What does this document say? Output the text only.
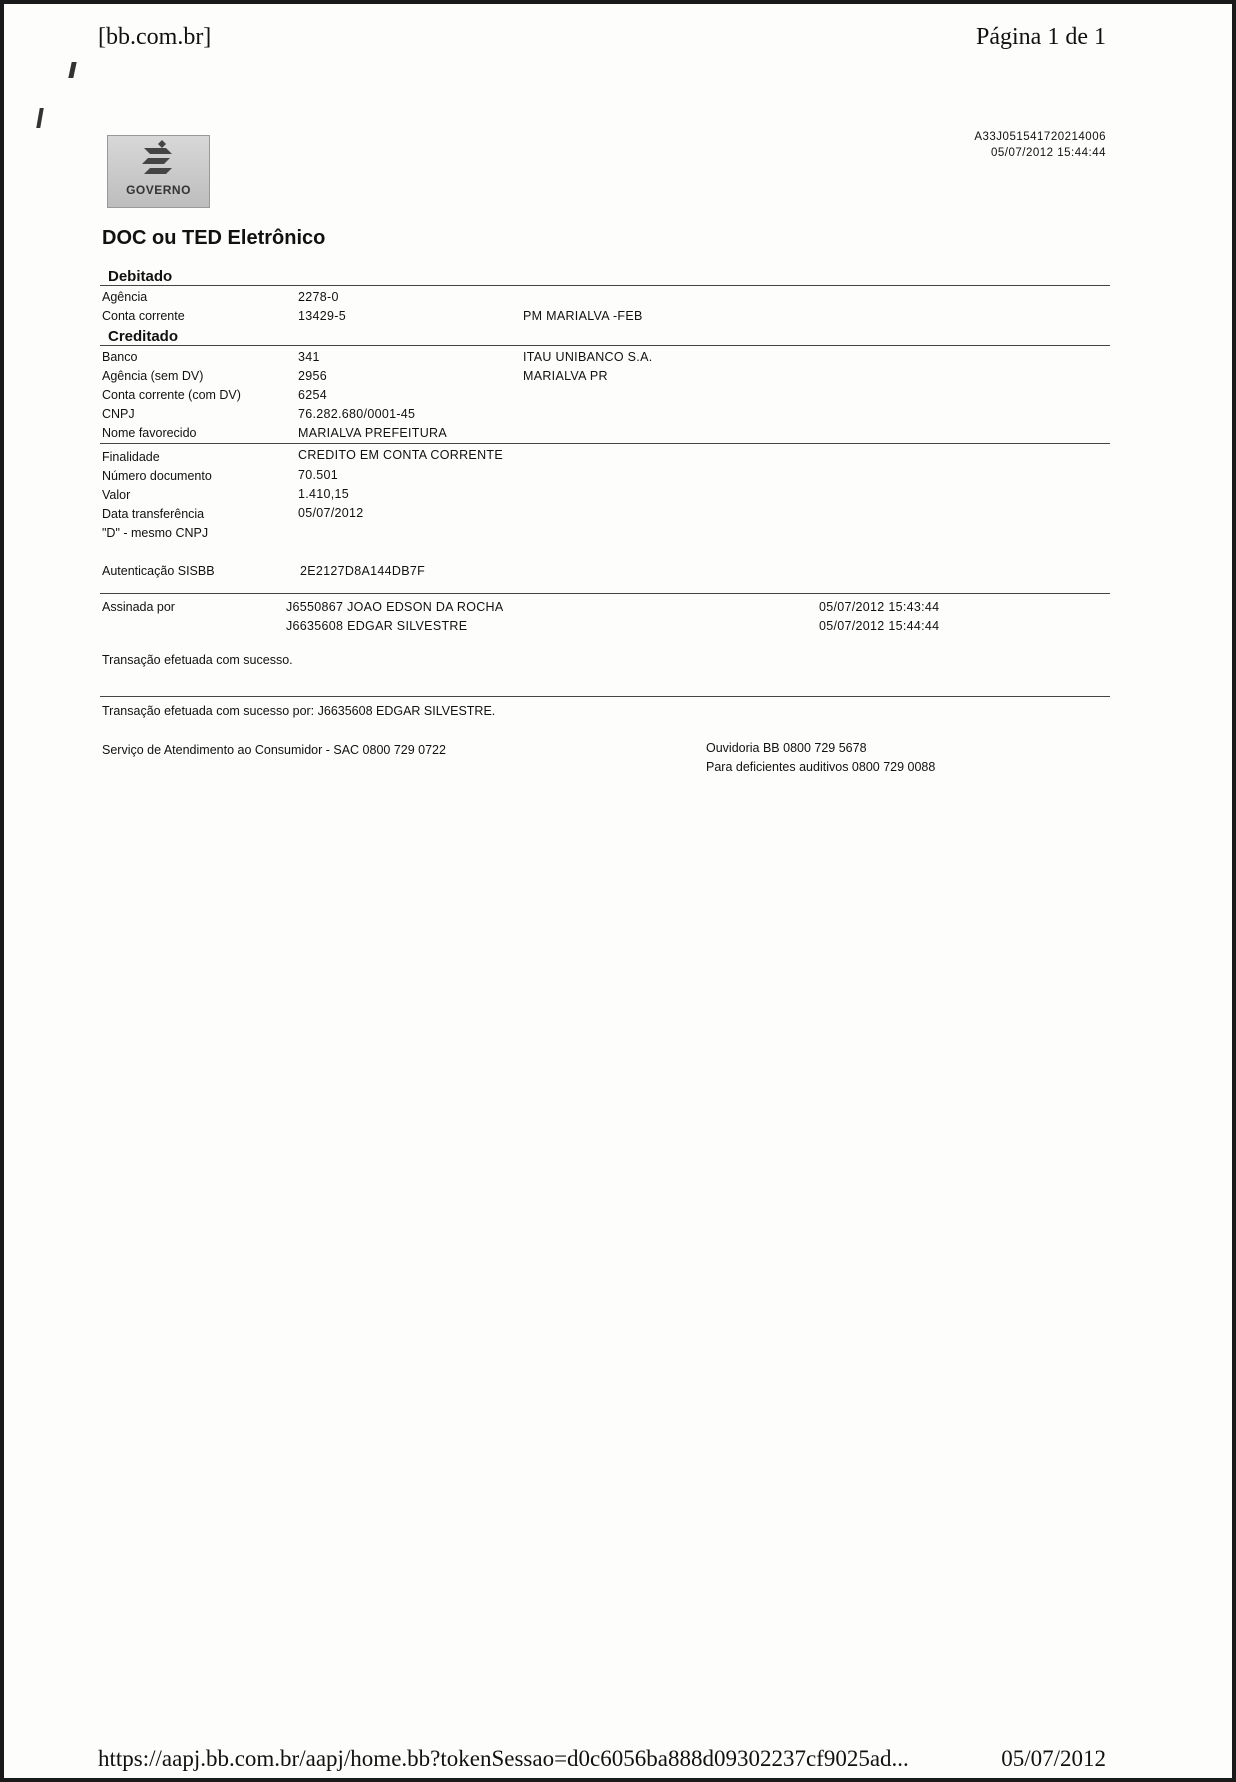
[bb.com.br]	Página 1 de 1
GOVERNO
A33J051541720214006
05/07/2012 15:44:44
DOC ou TED Eletrônico
Debitado
Agência	2278-0
Conta corrente	13429-5	PM MARIALVA -FEB
Creditado
Banco	341	ITAU UNIBANCO S.A.
Agência (sem DV)	2956	MARIALVA PR
Conta corrente (com DV)	6254
CNPJ	76.282.680/0001-45
Nome favorecido	MARIALVA PREFEITURA
Finalidade	CREDITO EM CONTA CORRENTE
Número documento	70.501
Valor	1.410,15
Data transferência	05/07/2012
"D" - mesmo CNPJ
Autenticação SISBB	2E2127D8A144DB7F
Assinada por	J6550867 JOAO EDSON DA ROCHA	05/07/2012 15:43:44
J6635608 EDGAR SILVESTRE	05/07/2012 15:44:44
Transação efetuada com sucesso.
Transação efetuada com sucesso por: J6635608 EDGAR SILVESTRE.
Serviço de Atendimento ao Consumidor - SAC 0800 729 0722	Ouvidoria BB 0800 729 5678
Para deficientes auditivos 0800 729 0088
https://aapj.bb.com.br/aapj/home.bb?tokenSessao=d0c6056ba888d09302237cf9025ad...	05/07/2012
